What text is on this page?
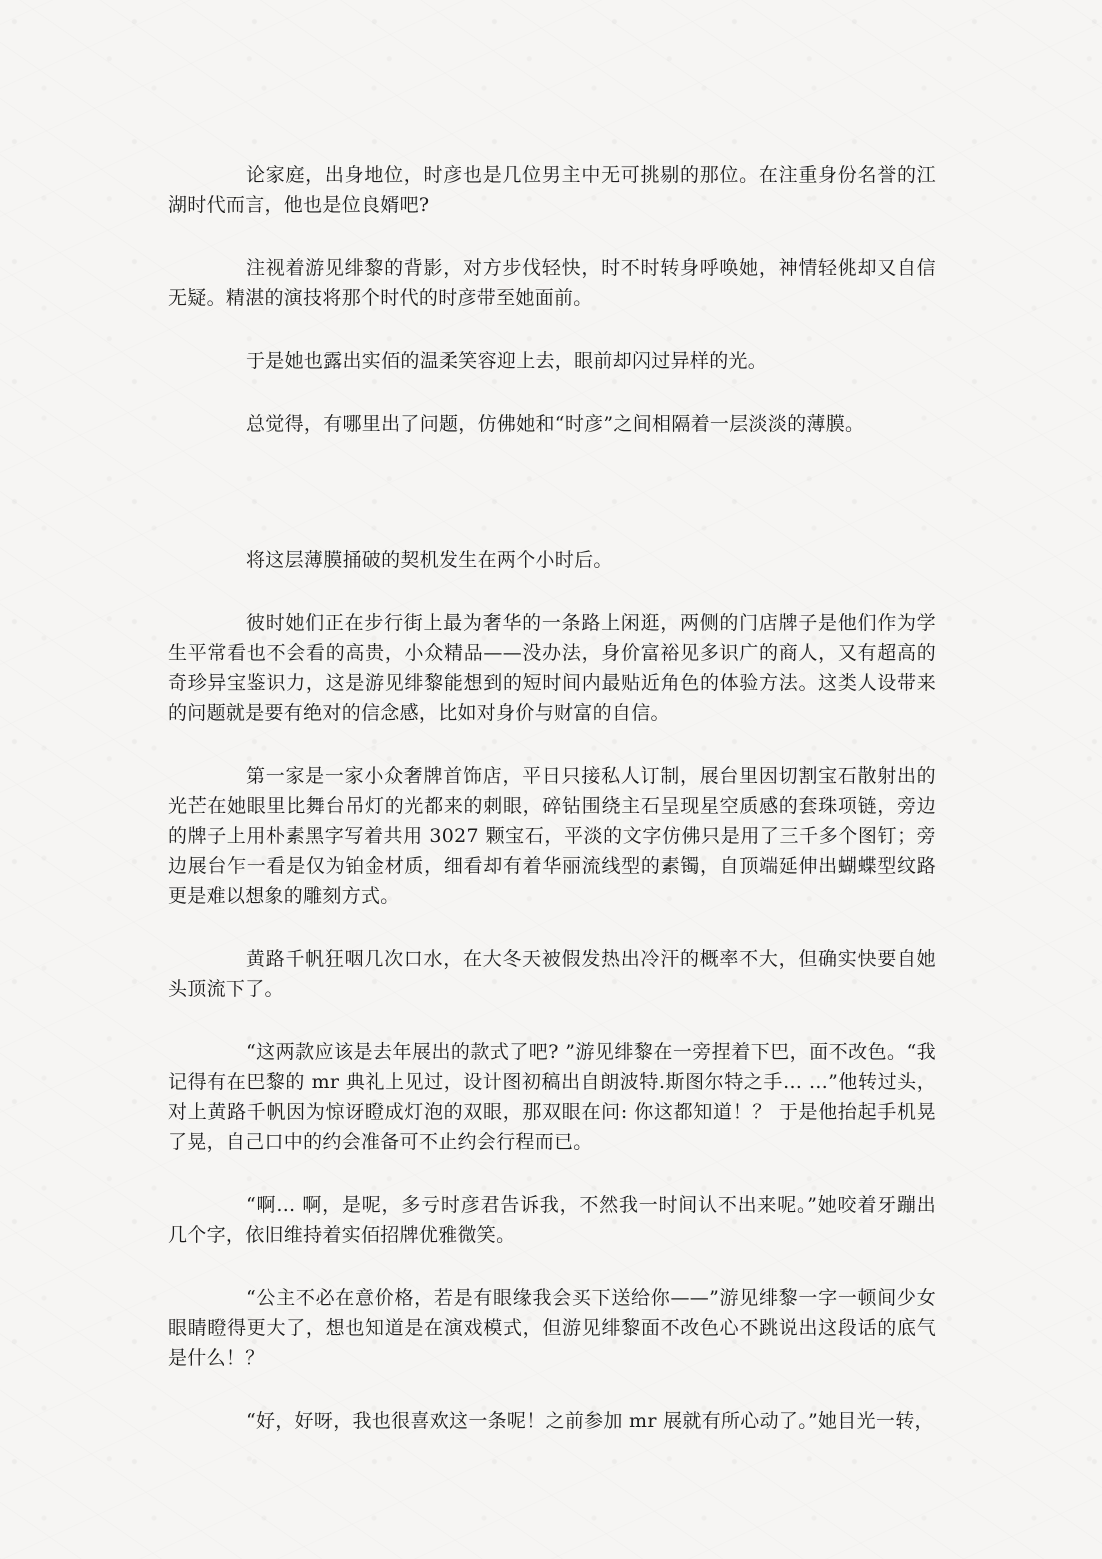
论家庭，出身地位，时彦也是几位男主中无可挑剔的那位。在注重身份名誉的江湖时代而言，他也是位良婿吧?

注视着游见绯黎的背影，对方步伐轻快，时不时转身呼唤她，神情轻佻却又自信无疑。精湛的演技将那个时代的时彦带至她面前。

于是她也露出实佰的温柔笑容迎上去，眼前却闪过异样的光。

总觉得，有哪里出了问题，仿佛她和“时彦”之间相隔着一层淡淡的薄膜。

将这层薄膜捅破的契机发生在两个小时后。

彼时她们正在步行街上最为奢华的一条路上闲逛，两侧的门店牌子是他们作为学生平常看也不会看的高贵，小众精品——没办法，身价富裕见多识广的商人，又有超高的奇珍异宝鉴识力，这是游见绯黎能想到的短时间内最贴近角色的体验方法。这类人设带来的问题就是要有绝对的信念感，比如对身价与财富的自信。

第一家是一家小众奢牌首饰店，平日只接私人订制，展台里因切割宝石散射出的光芒在她眼里比舞台吊灯的光都来的刺眼，碎钻围绕主石呈现星空质感的套珠项链，旁边的牌子上用朴素黑字写着共用 3027 颗宝石，平淡的文字仿佛只是用了三千多个图钉；旁边展台乍一看是仅为铂金材质，细看却有着华丽流线型的素镯，自顶端延伸出蝴蝶型纹路更是难以想象的雕刻方式。

黄路千帆狂咽几次口水，在大冬天被假发热出冷汗的概率不大，但确实快要自她头顶流下了。

“这两款应该是去年展出的款式了吧? ”游见绯黎在一旁捏着下巴，面不改色。“我记得有在巴黎的 mr 典礼上见过，设计图初稿出自朗波特.斯图尔特之手… …”他转过头，对上黄路千帆因为惊讶瞪成灯泡的双眼，那双眼在问: 你这都知道！？ 于是他抬起手机晃了晃，自己口中的约会准备可不止约会行程而已。

“啊… 啊，是呢，多亏时彦君告诉我，不然我一时间认不出来呢。”她咬着牙蹦出几个字，依旧维持着实佰招牌优雅微笑。

“公主不必在意价格，若是有眼缘我会买下送给你——”游见绯黎一字一顿间少女眼睛瞪得更大了，想也知道是在演戏模式，但游见绯黎面不改色心不跳说出这段话的底气是什么！？

“好，好呀，我也很喜欢这一条呢！之前参加 mr 展就有所心动了。”她目光一转，
